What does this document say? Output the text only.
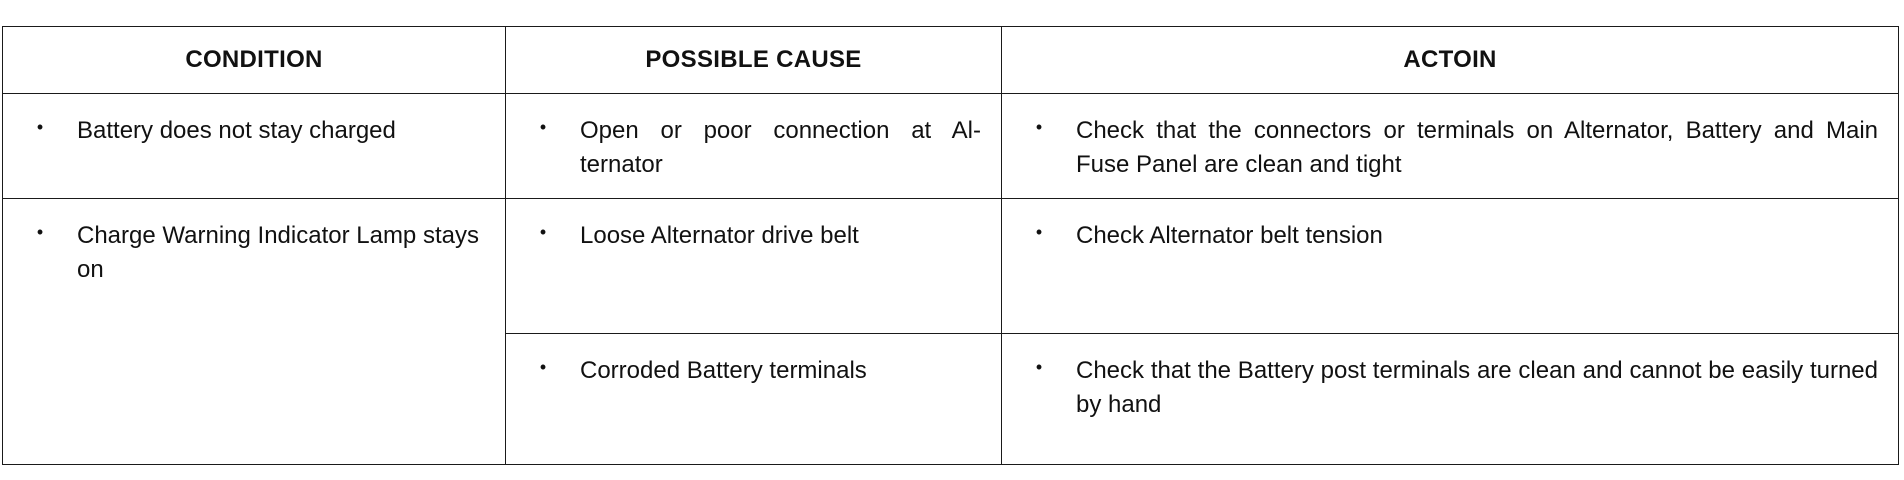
CONDITION	POSSIBLE CAUSE	ACTOIN

• Battery does not stay charged	• Open or poor connection at Al-ternator	• Check that the connectors or terminals on Alternator, Battery and Main Fuse Panel are clean and tight

• Charge Warning Indicator Lamp stays on	• Loose Alternator drive belt	• Check Alternator belt tension

	• Corroded Battery terminals	• Check that the Battery post terminals are clean and cannot be easily turned by hand
